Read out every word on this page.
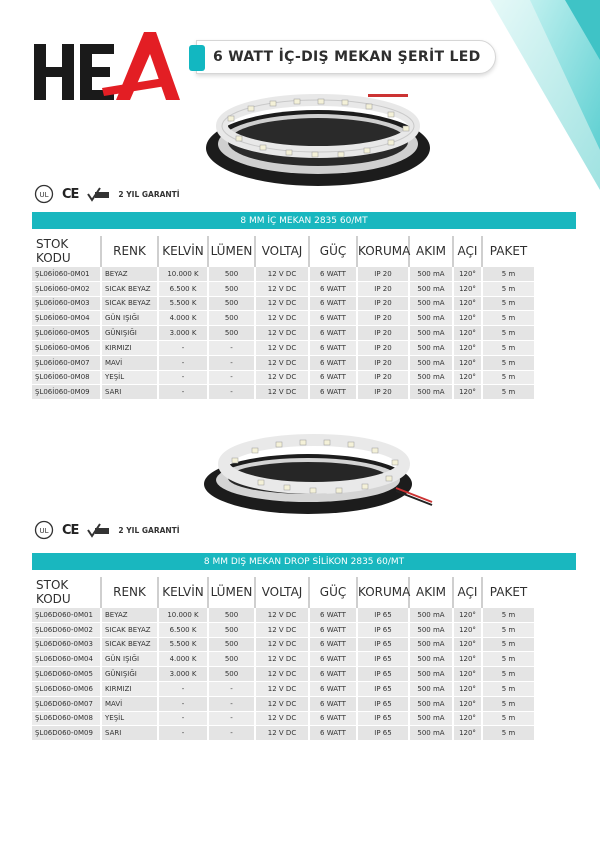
6 WATT İÇ-DIŞ MEKAN ŞERİT LED
UL CE	2 YIL GARANTİ
8 MM İÇ MEKAN 2835 60/MT
STOK KODU	RENK	KELVİN	LÜMEN	VOLTAJ	GÜÇ	KORUMA	AKIM	AÇI	PAKET
ŞL06İ060-0M01	BEYAZ	10.000 K	500	12 V DC	6 WATT	IP 20	500 mA	120°	5 m
ŞL06İ060-0M02	SICAK BEYAZ	6.500 K	500	12 V DC	6 WATT	IP 20	500 mA	120°	5 m
ŞL06İ060-0M03	SICAK BEYAZ	5.500 K	500	12 V DC	6 WATT	IP 20	500 mA	120°	5 m
ŞL06İ060-0M04	GÜN IŞIĞI	4.000 K	500	12 V DC	6 WATT	IP 20	500 mA	120°	5 m
ŞL06İ060-0M05	GÜNIŞIĞI	3.000 K	500	12 V DC	6 WATT	IP 20	500 mA	120°	5 m
ŞL06İ060-0M06	KIRMIZI	-	-	12 V DC	6 WATT	IP 20	500 mA	120°	5 m
ŞL06İ060-0M07	MAVİ	-	-	12 V DC	6 WATT	IP 20	500 mA	120°	5 m
ŞL06İ060-0M08	YEŞİL	-	-	12 V DC	6 WATT	IP 20	500 mA	120°	5 m
ŞL06İ060-0M09	SARI	-	-	12 V DC	6 WATT	IP 20	500 mA	120°	5 m
UL CE	2 YIL GARANTİ
8 MM DIŞ MEKAN DROP SİLİKON 2835 60/MT
STOK KODU	RENK	KELVİN	LÜMEN	VOLTAJ	GÜÇ	KORUMA	AKIM	AÇI	PAKET
ŞL06D060-0M01	BEYAZ	10.000 K	500	12 V DC	6 WATT	IP 65	500 mA	120°	5 m
ŞL06D060-0M02	SICAK BEYAZ	6.500 K	500	12 V DC	6 WATT	IP 65	500 mA	120°	5 m
ŞL06D060-0M03	SICAK BEYAZ	5.500 K	500	12 V DC	6 WATT	IP 65	500 mA	120°	5 m
ŞL06D060-0M04	GÜN IŞIĞI	4.000 K	500	12 V DC	6 WATT	IP 65	500 mA	120°	5 m
ŞL06D060-0M05	GÜNIŞIĞI	3.000 K	500	12 V DC	6 WATT	IP 65	500 mA	120°	5 m
ŞL06D060-0M06	KIRMIZI	-	-	12 V DC	6 WATT	IP 65	500 mA	120°	5 m
ŞL06D060-0M07	MAVİ	-	-	12 V DC	6 WATT	IP 65	500 mA	120°	5 m
ŞL06D060-0M08	YEŞİL	-	-	12 V DC	6 WATT	IP 65	500 mA	120°	5 m
ŞL06D060-0M09	SARI	-	-	12 V DC	6 WATT	IP 65	500 mA	120°	5 m
